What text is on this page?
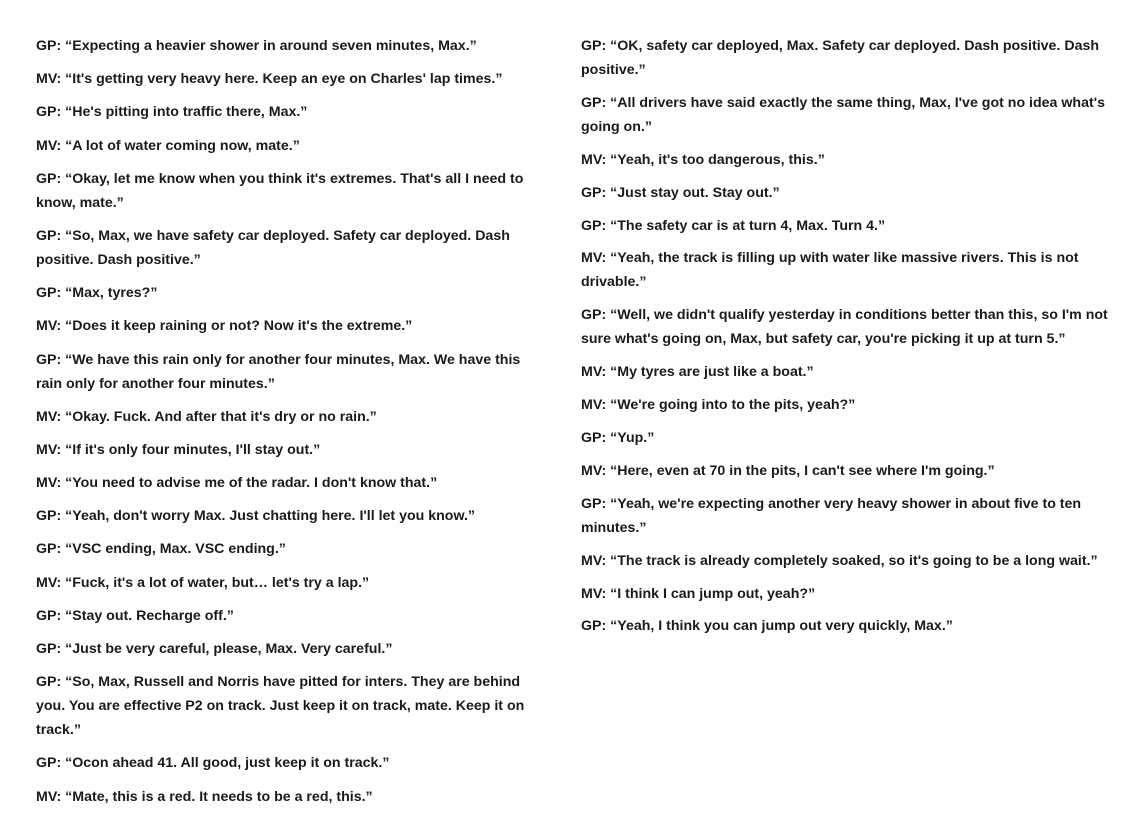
GP: “Expecting a heavier shower in around seven minutes, Max.”

MV: “It's getting very heavy here. Keep an eye on Charles' lap times.”

GP: “He's pitting into traffic there, Max.”

MV: “A lot of water coming now, mate.”

GP: “Okay, let me know when you think it's extremes. That's all I need to know, mate.”

GP: “So, Max, we have safety car deployed. Safety car deployed. Dash positive. Dash positive.”

GP: “Max, tyres?”

MV: “Does it keep raining or not? Now it's the extreme.”

GP: “We have this rain only for another four minutes, Max. We have this rain only for another four minutes.”

MV: “Okay. Fuck. And after that it's dry or no rain.”

MV: “If it's only four minutes, I'll stay out.”

MV: “You need to advise me of the radar. I don't know that.”

GP: “Yeah, don't worry Max. Just chatting here. I'll let you know.”

GP: “VSC ending, Max. VSC ending.”

MV: “Fuck, it's a lot of water, but… let's try a lap.”

GP: “Stay out. Recharge off.”

GP: “Just be very careful, please, Max. Very careful.”

GP: “So, Max, Russell and Norris have pitted for inters. They are behind you. You are effective P2 on track. Just keep it on track, mate. Keep it on track.”

GP: “Ocon ahead 41. All good, just keep it on track.”

MV: “Mate, this is a red. It needs to be a red, this.”

GP: “OK, safety car deployed, Max. Safety car deployed. Dash positive. Dash positive.”

GP: “All drivers have said exactly the same thing, Max, I've got no idea what's going on.”

MV: “Yeah, it's too dangerous, this.”

GP: “Just stay out. Stay out.”

GP: “The safety car is at turn 4, Max. Turn 4.”

MV: “Yeah, the track is filling up with water like massive rivers. This is not drivable.”

GP: “Well, we didn't qualify yesterday in conditions better than this, so I'm not sure what's going on, Max, but safety car, you're picking it up at turn 5.”

MV: “My tyres are just like a boat.”

MV: “We're going into to the pits, yeah?”

GP: “Yup.”

MV: “Here, even at 70 in the pits, I can't see where I'm going.”

GP: “Yeah, we're expecting another very heavy shower in about five to ten minutes.”

MV: “The track is already completely soaked, so it's going to be a long wait.”

MV: “I think I can jump out, yeah?”

GP: “Yeah, I think you can jump out very quickly, Max.”
